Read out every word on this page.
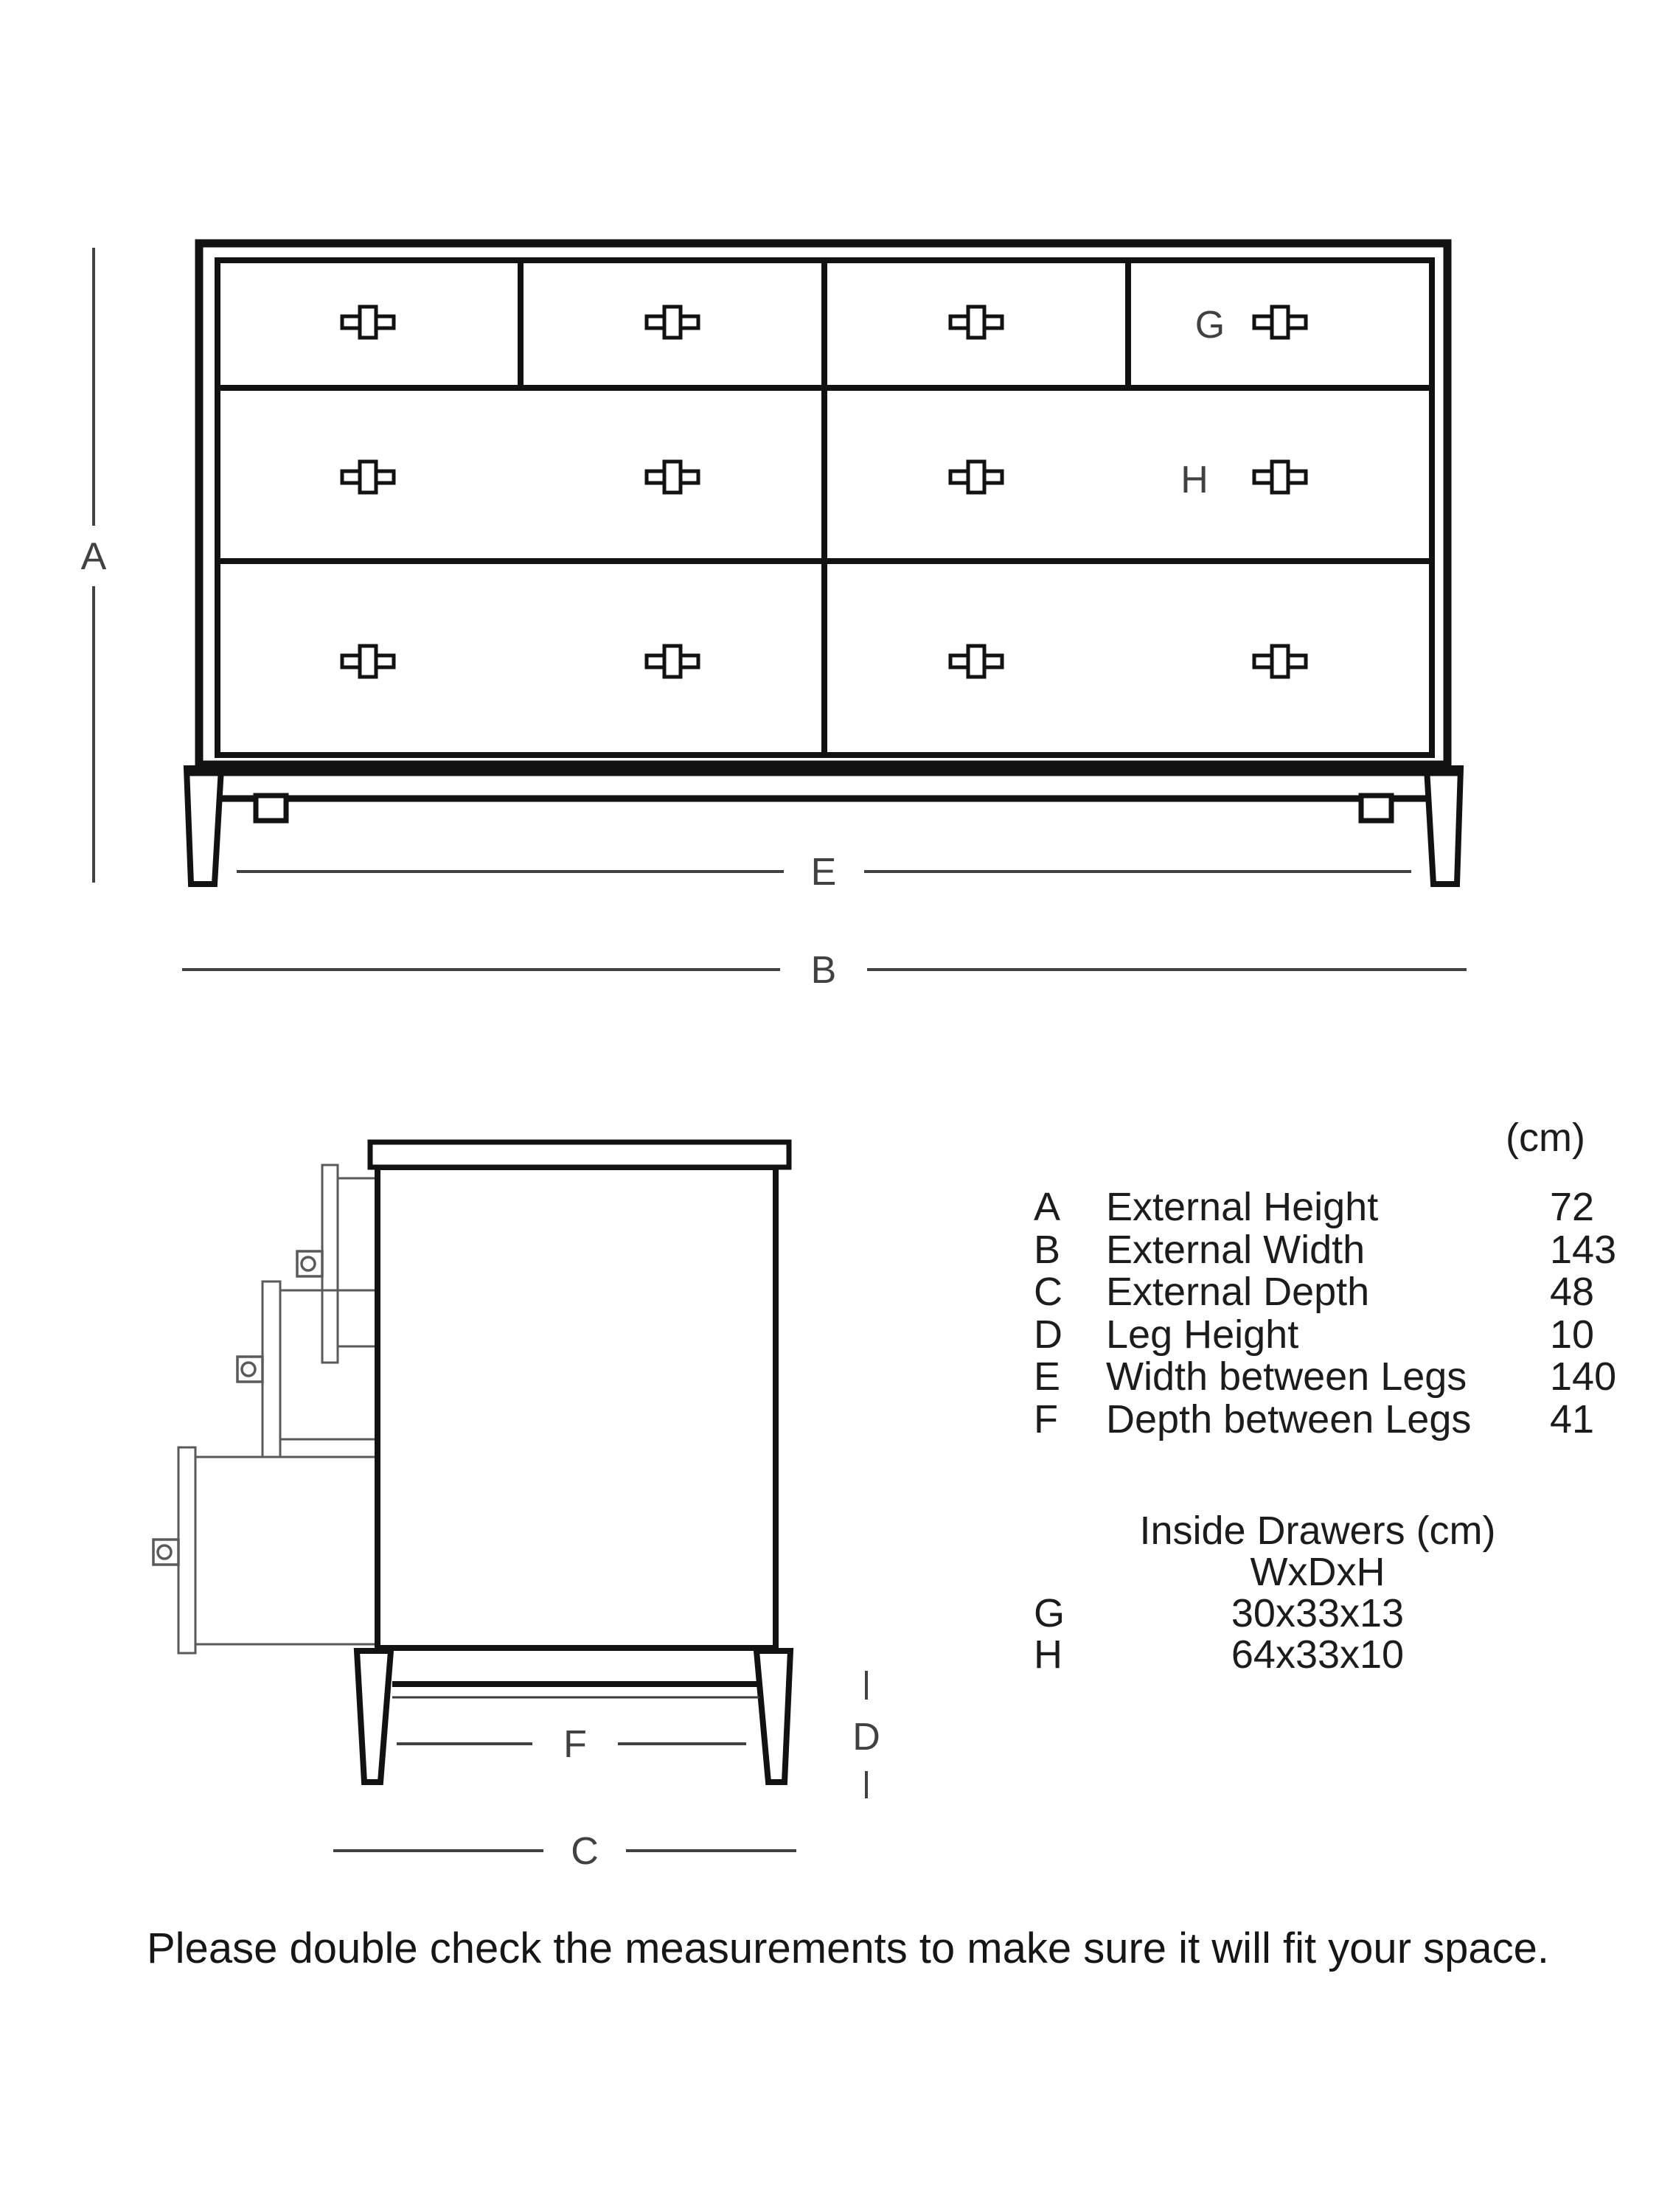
G
H
A
E
B
F	D
C
(cm)
A External Height	72
B External Width	143
C External Depth	48
D Leg Height	10
E Width between Legs 140
F Depth between Legs 41
Inside Drawers (cm)
WxDxH
G	30x33x13
H	64x33x10
Please double check the measurements to make sure it will fit your space.
